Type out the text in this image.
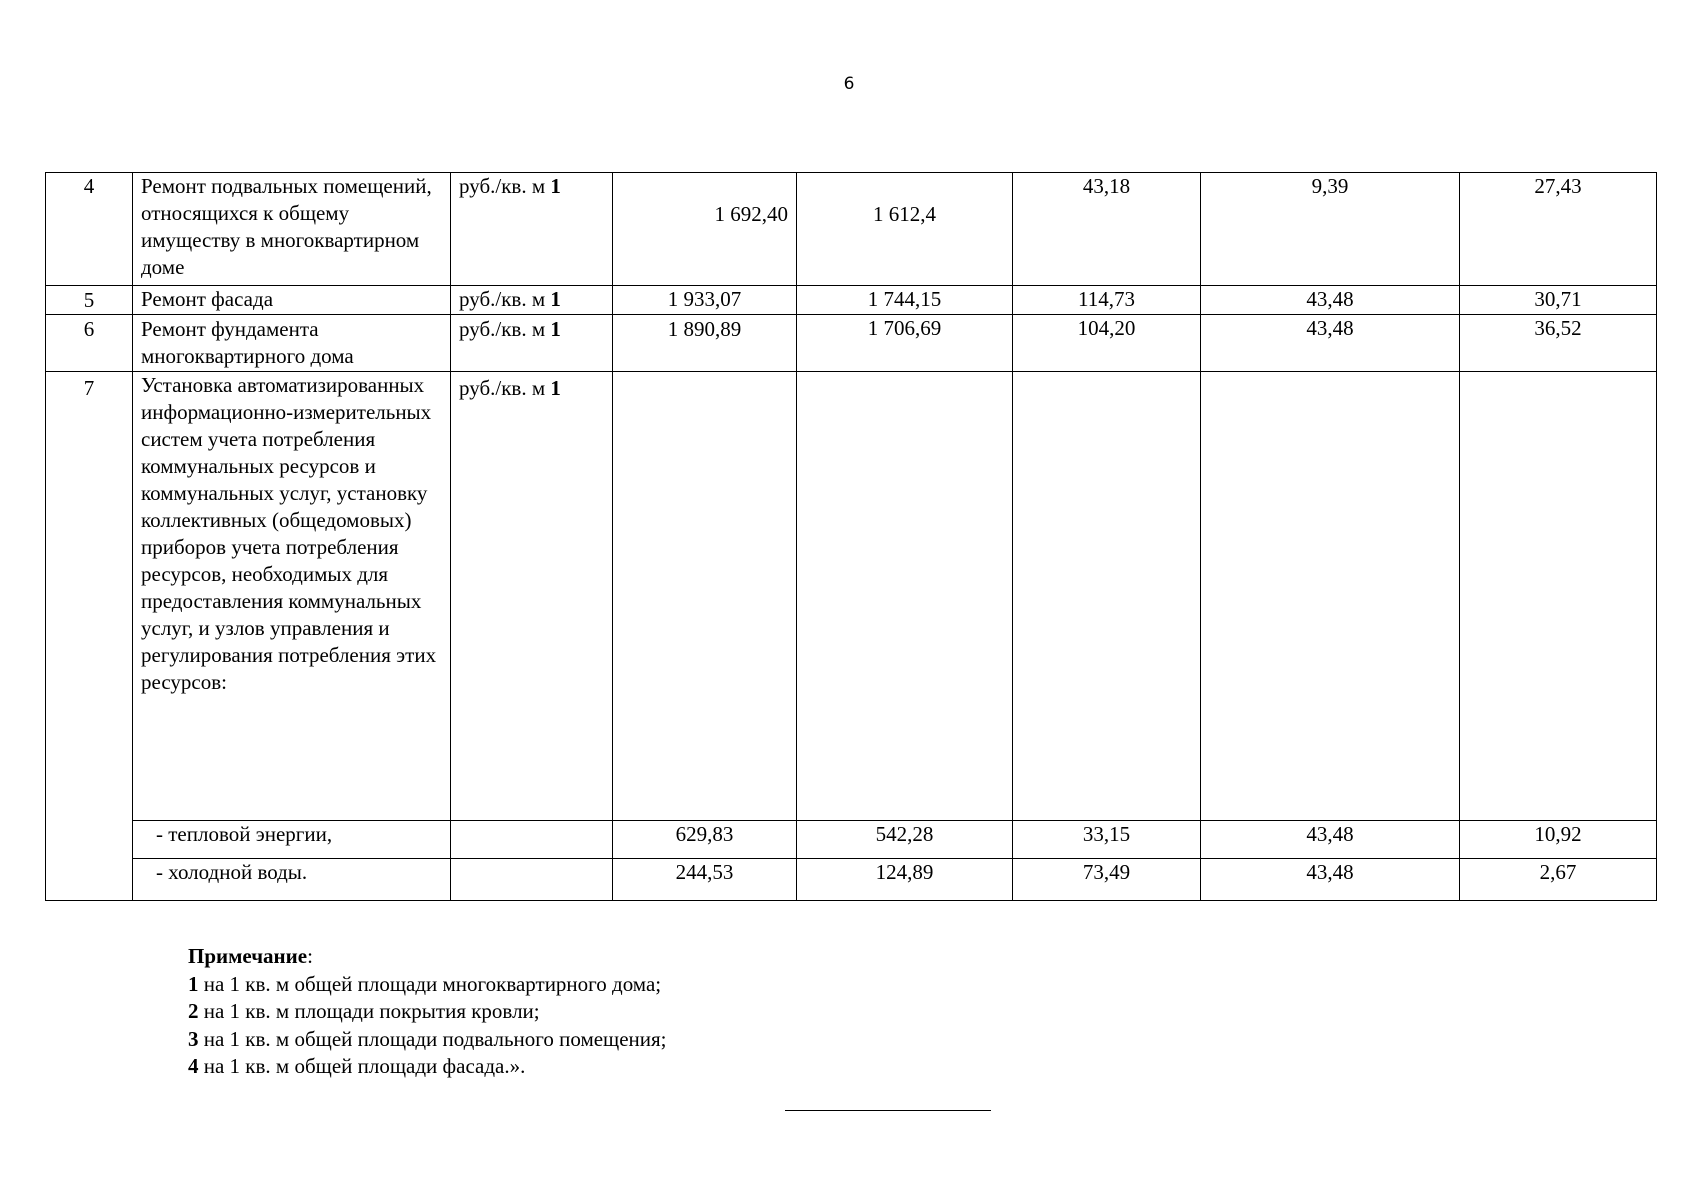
6
4	Ремонт подвальных помещений, относящихся к общему имуществу в многоквартирном доме	руб./кв. м 1	1 692,40	1 612,4	43,18	9,39	27,43
5	Ремонт фасада	руб./кв. м 1	1 933,07	1 744,15	114,73	43,48	30,71
6	Ремонт фундамента многоквартирного дома	руб./кв. м 1	1 890,89	1 706,69	104,20	43,48	36,52
7	Установка автоматизированных информационно-измерительных систем учета потребления коммунальных ресурсов и коммунальных услуг, установку коллективных (общедомовых) приборов учета потребления ресурсов, необходимых для предоставления коммунальных услуг, и узлов управления и регулирования потребления этих ресурсов:	руб./кв. м 1					
	- тепловой энергии,		629,83	542,28	33,15	43,48	10,92
	- холодной воды.		244,53	124,89	73,49	43,48	2,67
Примечание:
1 на 1 кв. м общей площади многоквартирного дома;
2 на 1 кв. м площади покрытия кровли;
3 на 1 кв. м общей площади подвального помещения;
4 на 1 кв. м общей площади фасада.».
